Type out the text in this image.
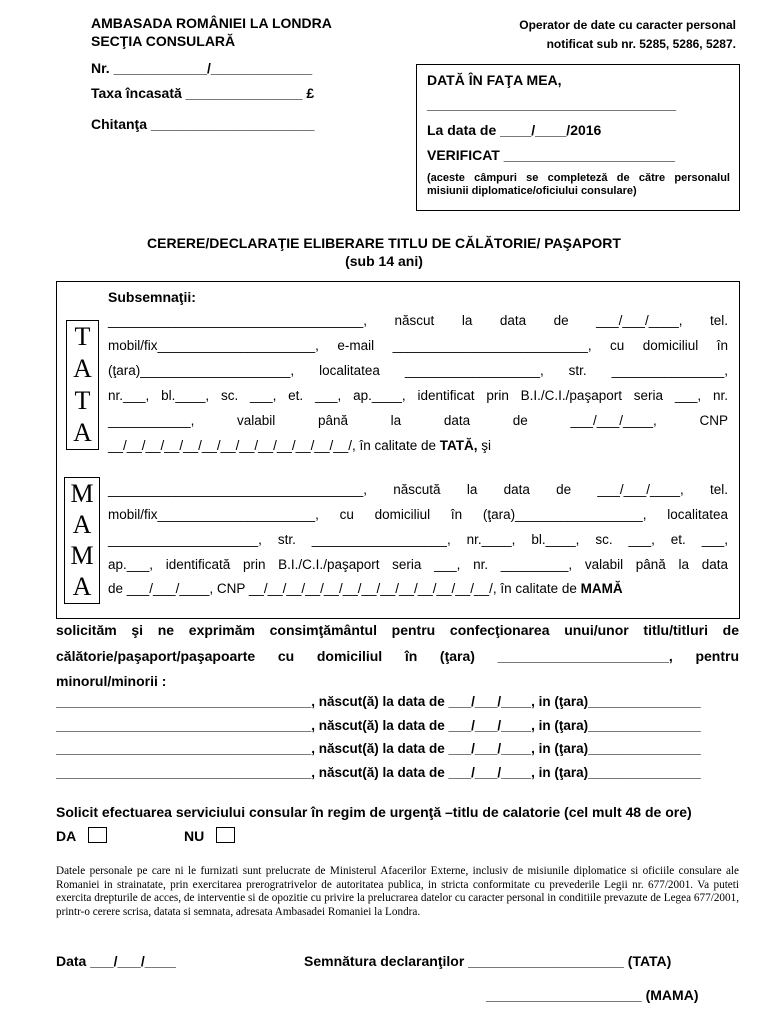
AMBASADA ROMÂNIEI LA LONDRA
SECŢIA CONSULARĂ
Operator de date cu caracter personal
notificat sub nr. 5285, 5286, 5287.
Nr. ____________/_____________
Taxa încasată _______________ £
Chitanţa _____________________
DATĂ ÎN FAŢA MEA,
________________________________
La data de ____/____/2016
VERIFICAT ______________________
(aceste câmpuri se completeză de către personalul
misiunii diplomatice/oficiului consulare)
CERERE/DECLARAŢIE ELIBERARE TITLU DE CĂLĂTORIE/ PAŞAPORT
(sub 14 ani)
Subsemnaţii:
T
A
T
A
M
A
M
A
__________________________________, născut la data de ___/___/____, tel.
mobil/fix_____________________, e-mail __________________________, cu domiciliul în
(ţara)____________________, localitatea __________________, str. _______________,
nr.___, bl.____, sc. ___, et. ___, ap.____, identificat prin B.I./C.I./paşaport seria ___, nr.
___________, valabil până la data de ___/___/____, CNP
__/__/__/__/__/__/__/__/__/__/__/__/__/, în calitate de TATĂ, şi
__________________________________, născută la data de ___/___/____, tel.
mobil/fix_____________________, cu domiciliul în (ţara)_________________, localitatea
____________________, str. __________________, nr.____, bl.____, sc. ___, et. ___,
ap.___, identificată prin B.I./C.I./paşaport seria ___, nr. _________, valabil până la data
de ___/___/____, CNP __/__/__/__/__/__/__/__/__/__/__/__/__/, în calitate de MAMĂ
solicităm şi ne exprimăm consimţământul pentru confecţionarea unui/unor titlu/titluri de
călătorie/paşaport/paşapoarte cu domiciliul în (ţara) ______________________, pentru
minorul/minorii :
__________________________________, născut(ă) la data de ___/___/____, in (ţara)_______________
__________________________________, născut(ă) la data de ___/___/____, in (ţara)_______________
__________________________________, născut(ă) la data de ___/___/____, in (ţara)_______________
__________________________________, născut(ă) la data de ___/___/____, in (ţara)_______________
Solicit efectuarea serviciului consular în regim de urgenţă –titlu de calatorie (cel mult 48 de ore)
DA	NU
Datele personale pe care ni le furnizati sunt prelucrate de Ministerul Afacerilor Externe, inclusiv de misiunile diplomatice si oficiile consulare ale Romaniei in strainatate, prin exercitarea prerogratrivelor de autoritatea publica, in stricta conformitate cu prevederile Legii nr. 677/2001. Va puteti exercita drepturile de acces, de interventie si de opozitie cu privire la prelucrarea datelor cu caracter personal in conditiile prevazute de Legea 677/2001, printr-o cerere scrisa, datata si semnata, adresata Ambasadei Romaniei la Londra.
Data ___/___/____	Semnătura declaranţilor ____________________ (TATA)
____________________ (MAMA)
